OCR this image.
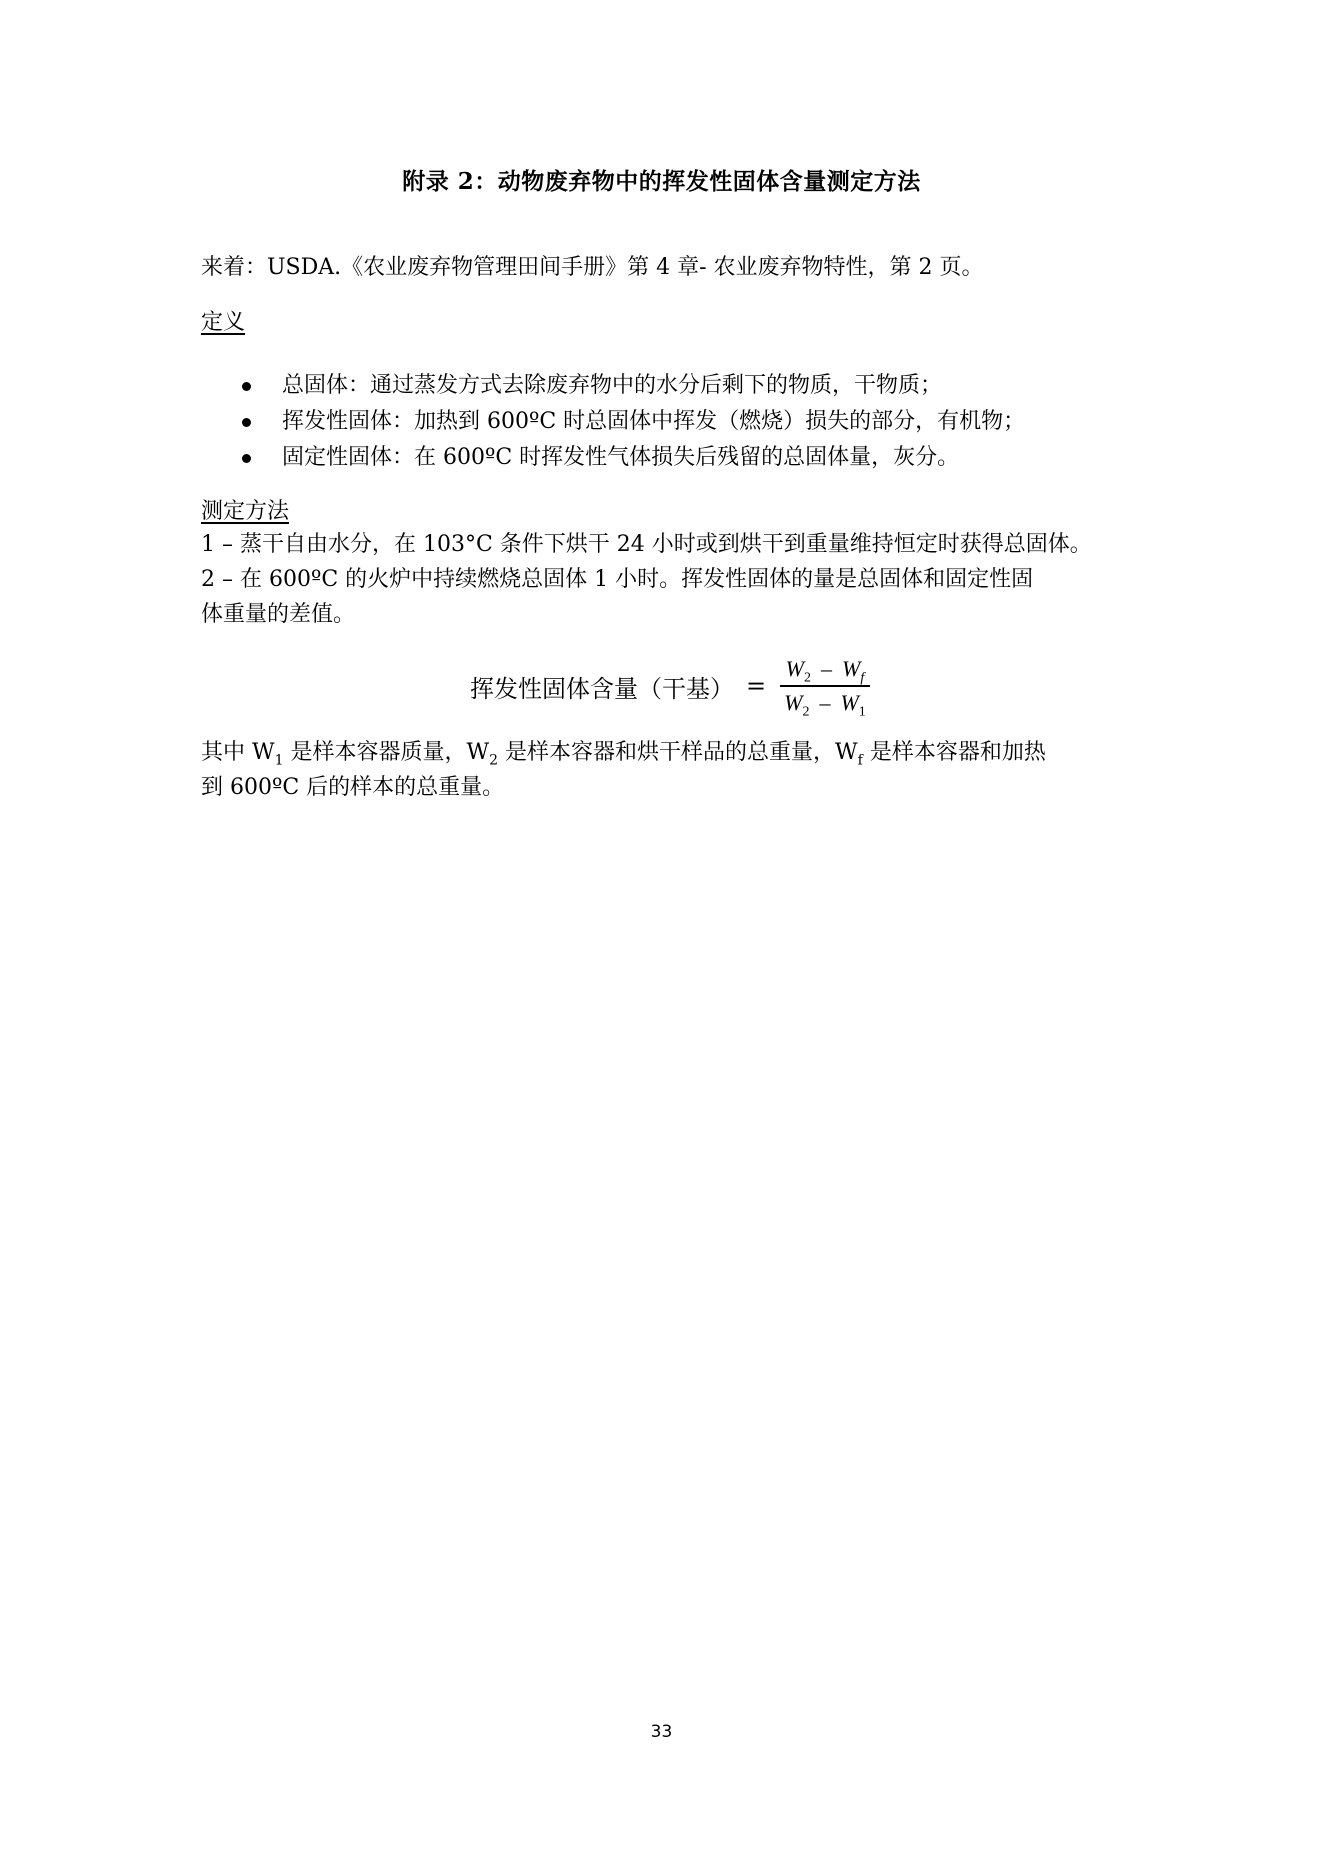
附录 2：动物废弃物中的挥发性固体含量测定方法
来着：USDA.《农业废弃物管理田间手册》第 4 章- 农业废弃物特性，第 2 页。
定义
总固体：通过蒸发方式去除废弃物中的水分后剩下的物质，干物质；
挥发性固体：加热到 600ºC 时总固体中挥发（燃烧）损失的部分，有机物；
固定性固体：在 600ºC 时挥发性气体损失后残留的总固体量，灰分。
测定方法
1 – 蒸干自由水分，在 103°C 条件下烘干 24 小时或到烘干到重量维持恒定时获得总固体。
2 – 在 600ºC 的火炉中持续燃烧总固体 1 小时。挥发性固体的量是总固体和固定性固
体重量的差值。
挥发性固体含量（干基） = $\frac{W_2 - W_f}{W_2 - W_1}$
其中 $W_1$ 是样本容器质量，$W_2$ 是样本容器和烘干样品的总重量，$W_f$ 是样本容器和加热
到 600ºC 后的样本的总重量。
33
